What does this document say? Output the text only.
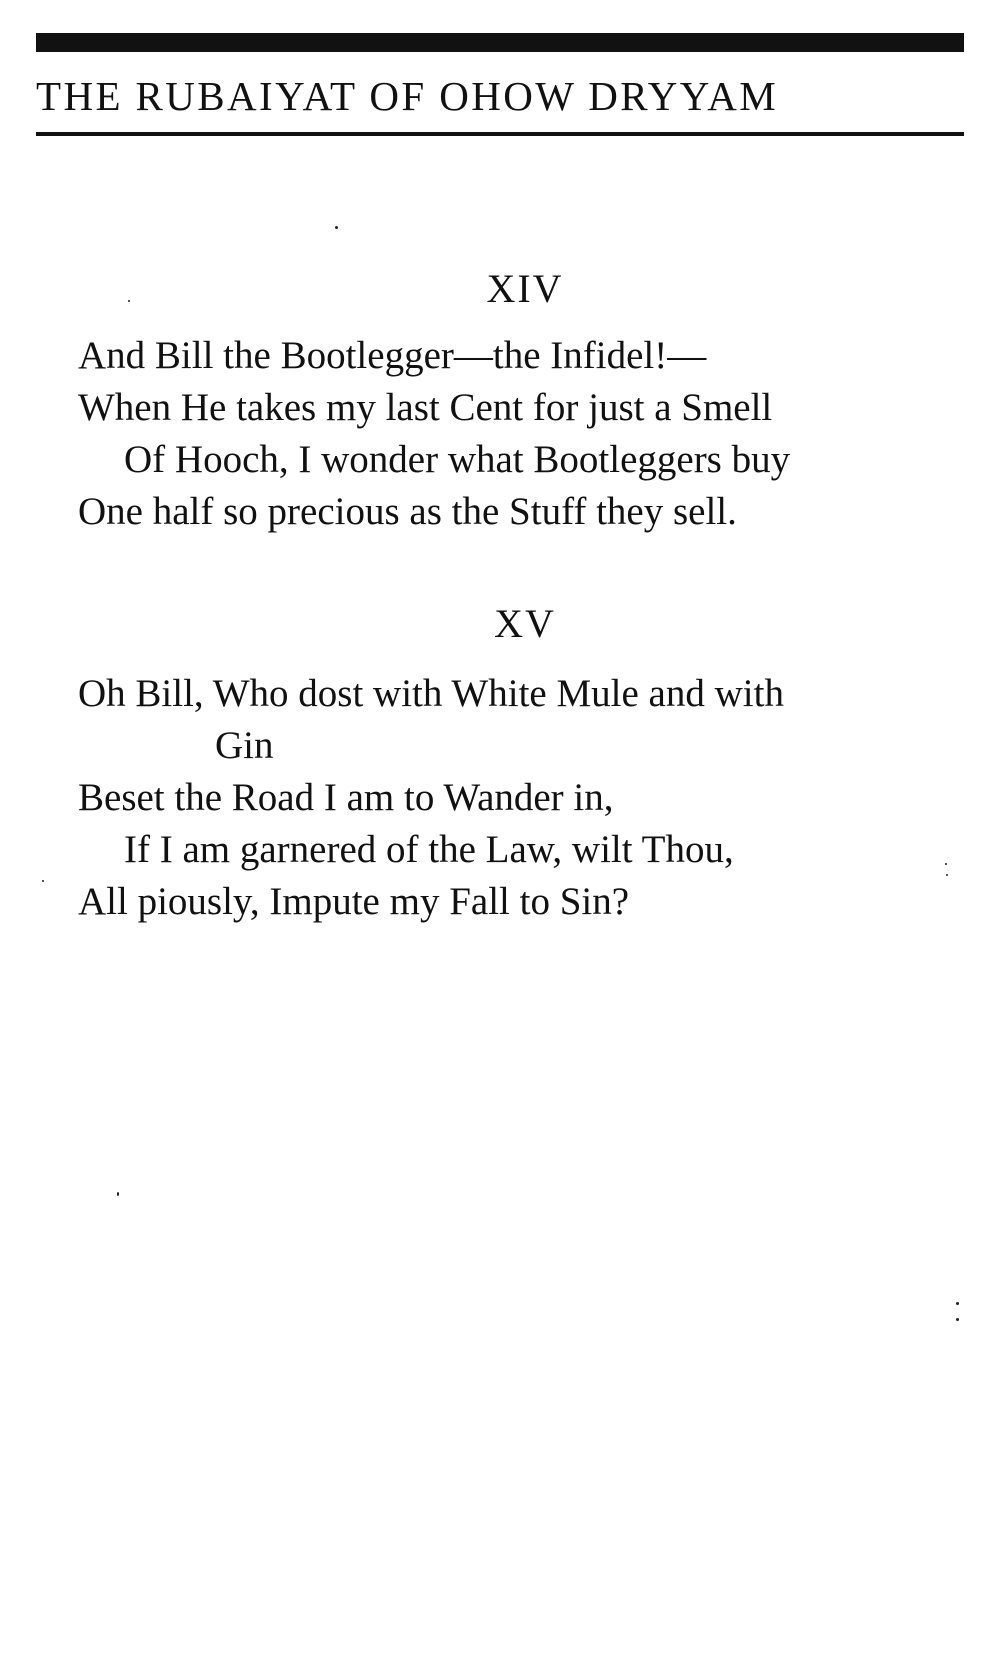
THE RUBAIYAT OF OHOW DRYYAM
XIV
And Bill the Bootlegger—the Infidel!—
When He takes my last Cent for just a Smell
Of Hooch, I wonder what Bootleggers buy
One half so precious as the Stuff they sell.
XV
Oh Bill, Who dost with White Mule and with
Gin
Beset the Road I am to Wander in,
If I am garnered of the Law, wilt Thou,
All piously, Impute my Fall to Sin?
